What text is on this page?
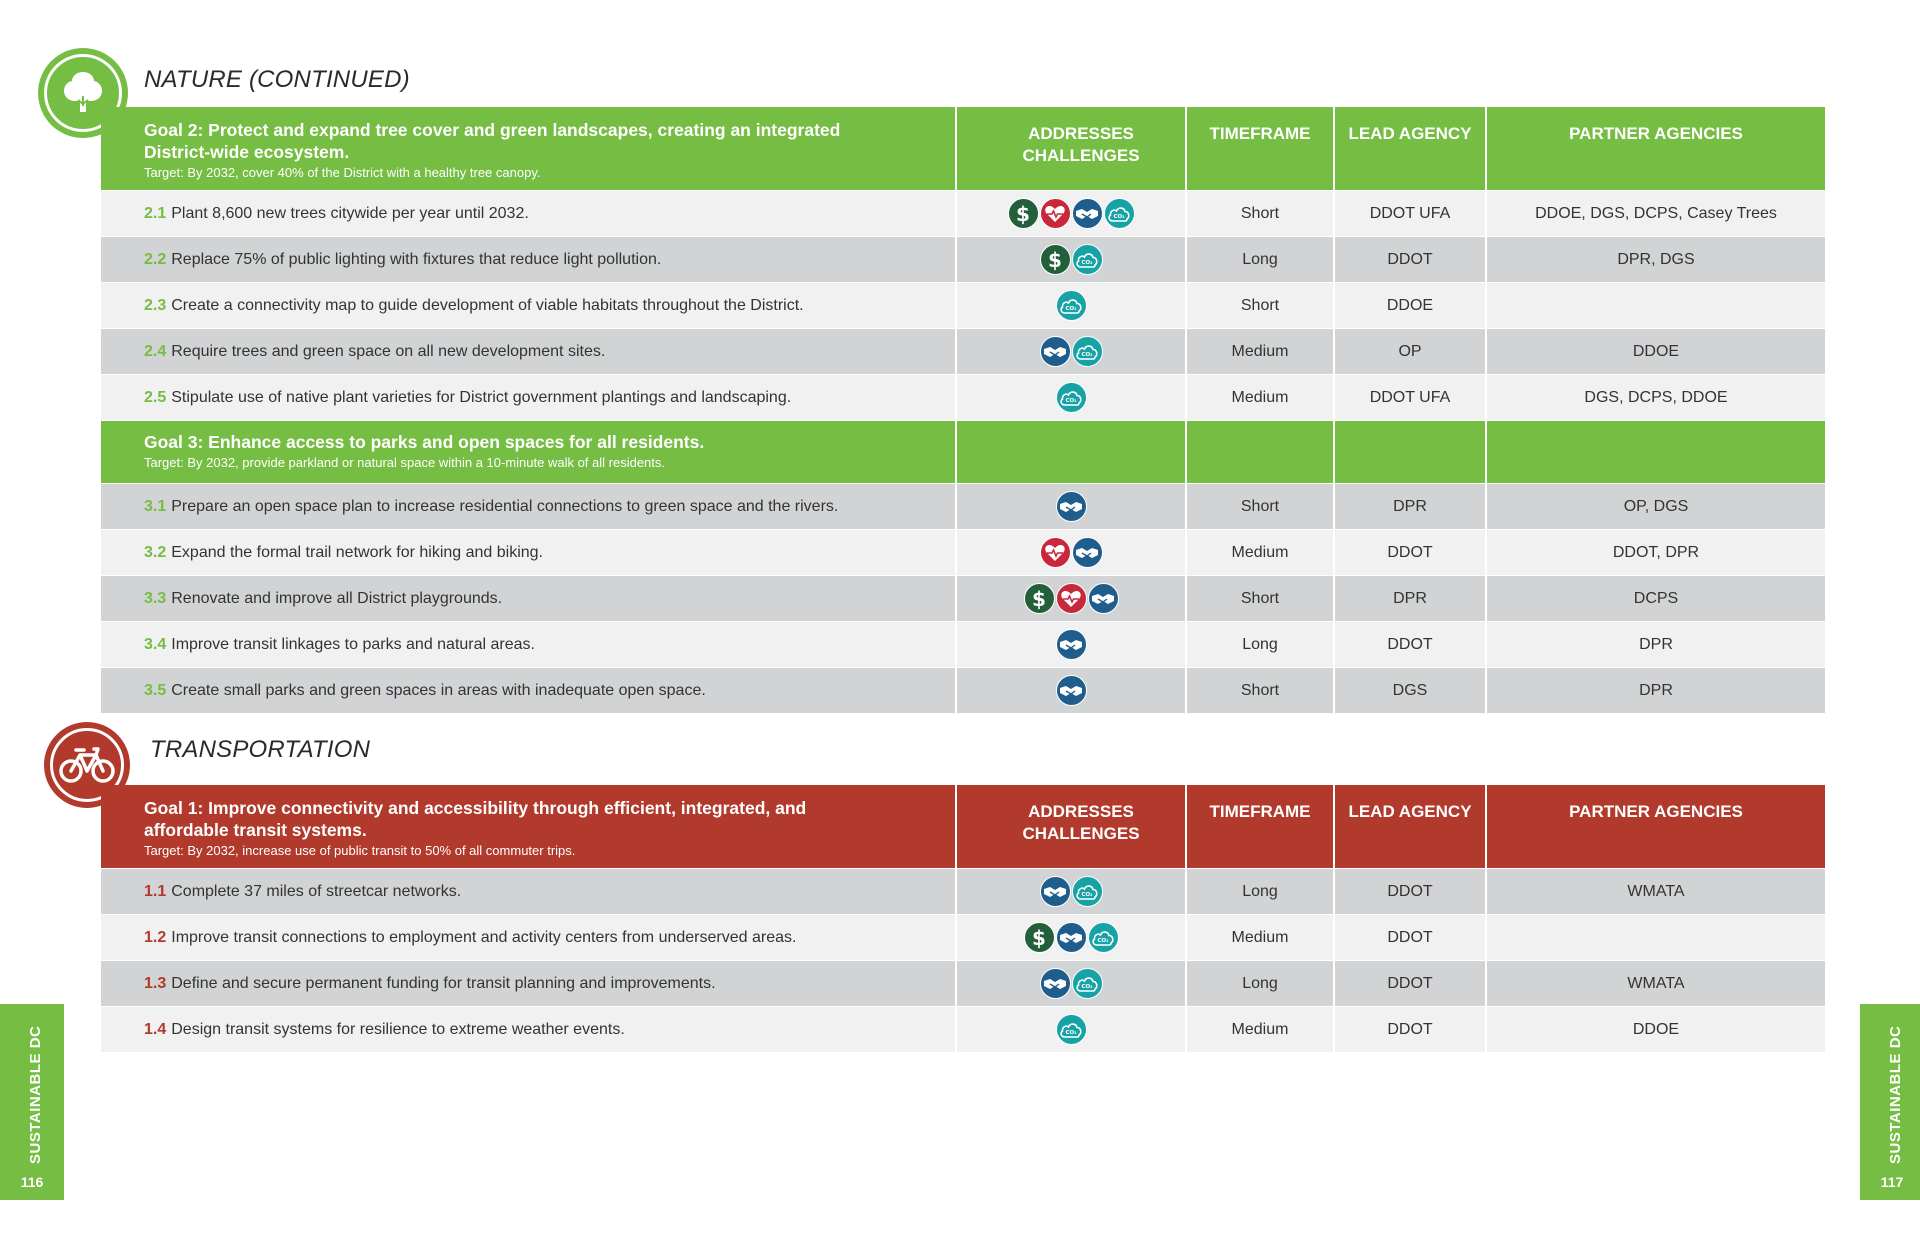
NATURE (CONTINUED)
Goal 2: Protect and expand tree cover and green landscapes, creating an integrated District-wide ecosystem.
Target: By 2032, cover 40% of the District with a healthy tree canopy.
ADDRESSES CHALLENGES
TIMEFRAME	LEAD AGENCY	PARTNER AGENCIES
2.1 Plant 8,600 new trees citywide per year until 2032.	$	CO₂	Short	DDOT UFA	DDOE, DGS, DCPS, Casey Trees
2.2 Replace 75% of public lighting with fixtures that reduce light pollution.	$	CO₂	Long	DDOT	DPR, DGS
2.3 Create a connectivity map to guide development of viable habitats throughout the District.	CO₂	Short	DDOE
2.4 Require trees and green space on all new development sites.	CO₂	Medium	OP	DDOE
2.5 Stipulate use of native plant varieties for District government plantings and landscaping.	CO₂	Medium	DDOT UFA	DGS, DCPS, DDOE
Goal 3: Enhance access to parks and open spaces for all residents.
Target: By 2032, provide parkland or natural space within a 10-minute walk of all residents.
3.1 Prepare an open space plan to increase residential connections to green space and the rivers.	Short	DPR	OP, DGS
3.2 Expand the formal trail network for hiking and biking.	Medium	DDOT	DDOT, DPR
3.3 Renovate and improve all District playgrounds.	$	Short	DPR	DCPS
3.4 Improve transit linkages to parks and natural areas.	Long	DDOT	DPR
3.5 Create small parks and green spaces in areas with inadequate open space.	Short	DGS	DPR
TRANSPORTATION
Goal 1: Improve connectivity and accessibility through efficient, integrated, and affordable transit systems.
Target: By 2032, increase use of public transit to 50% of all commuter trips.
ADDRESSES CHALLENGES
TIMEFRAME	LEAD AGENCY	PARTNER AGENCIES
1.1 Complete 37 miles of streetcar networks.	CO₂	Long	DDOT	WMATA
1.2 Improve transit connections to employment and activity centers from underserved areas.	$	CO₂	Medium	DDOT
1.3 Define and secure permanent funding for transit planning and improvements.	CO₂	Long	DDOT	WMATA
1.4 Design transit systems for resilience to extreme weather events.	CO₂	Medium	DDOT	DDOE
SUSTAINABLE DC
116
SUSTAINABLE DC
117
